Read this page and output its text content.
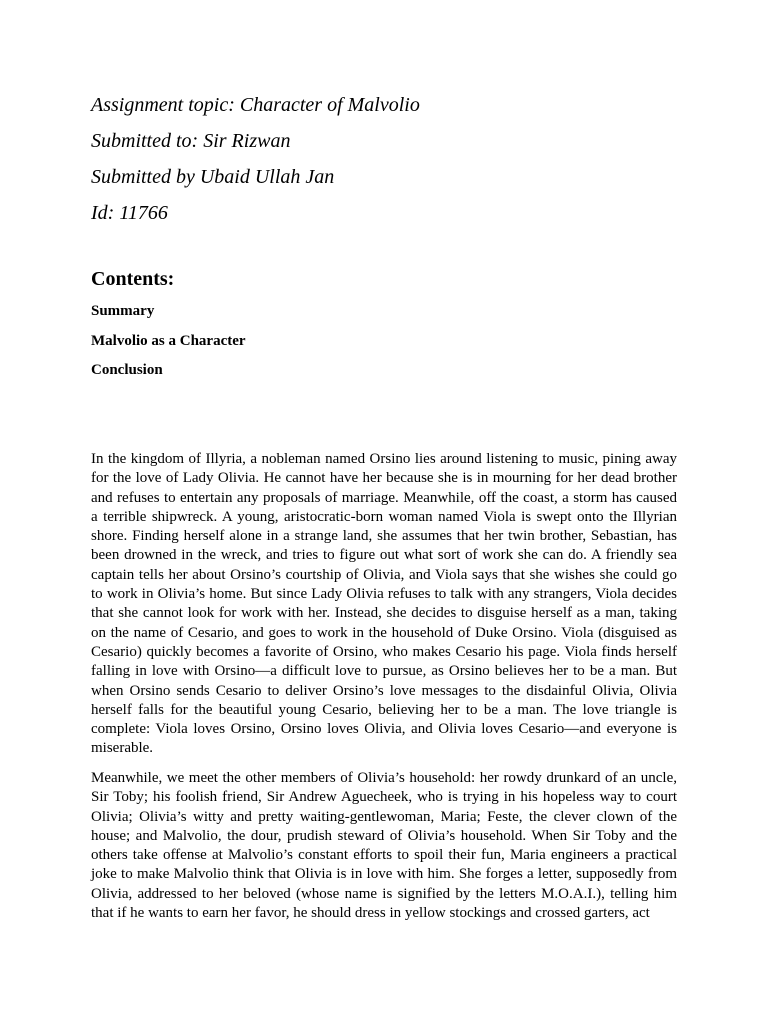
Assignment topic: Character of Malvolio

Submitted to: Sir Rizwan

Submitted by Ubaid Ullah Jan

Id: 11766

Contents:

Summary

Malvolio as a Character

Conclusion

In the kingdom of Illyria, a nobleman named Orsino lies around listening to music, pining away for the love of Lady Olivia. He cannot have her because she is in mourning for her dead brother and refuses to entertain any proposals of marriage. Meanwhile, off the coast, a storm has caused a terrible shipwreck. A young, aristocratic-born woman named Viola is swept onto the Illyrian shore. Finding herself alone in a strange land, she assumes that her twin brother, Sebastian, has been drowned in the wreck, and tries to figure out what sort of work she can do. A friendly sea captain tells her about Orsino’s courtship of Olivia, and Viola says that she wishes she could go to work in Olivia’s home. But since Lady Olivia refuses to talk with any strangers, Viola decides that she cannot look for work with her. Instead, she decides to disguise herself as a man, taking on the name of Cesario, and goes to work in the household of Duke Orsino. Viola (disguised as Cesario) quickly becomes a favorite of Orsino, who makes Cesario his page. Viola finds herself falling in love with Orsino—a difficult love to pursue, as Orsino believes her to be a man. But when Orsino sends Cesario to deliver Orsino’s love messages to the disdainful Olivia, Olivia herself falls for the beautiful young Cesario, believing her to be a man. The love triangle is complete: Viola loves Orsino, Orsino loves Olivia, and Olivia loves Cesario—and everyone is miserable.

Meanwhile, we meet the other members of Olivia’s household: her rowdy drunkard of an uncle, Sir Toby; his foolish friend, Sir Andrew Aguecheek, who is trying in his hopeless way to court Olivia; Olivia’s witty and pretty waiting-gentlewoman, Maria; Feste, the clever clown of the house; and Malvolio, the dour, prudish steward of Olivia’s household. When Sir Toby and the others take offense at Malvolio’s constant efforts to spoil their fun, Maria engineers a practical joke to make Malvolio think that Olivia is in love with him. She forges a letter, supposedly from Olivia, addressed to her beloved (whose name is signified by the letters M.O.A.I.), telling him that if he wants to earn her favor, he should dress in yellow stockings and crossed garters, act
